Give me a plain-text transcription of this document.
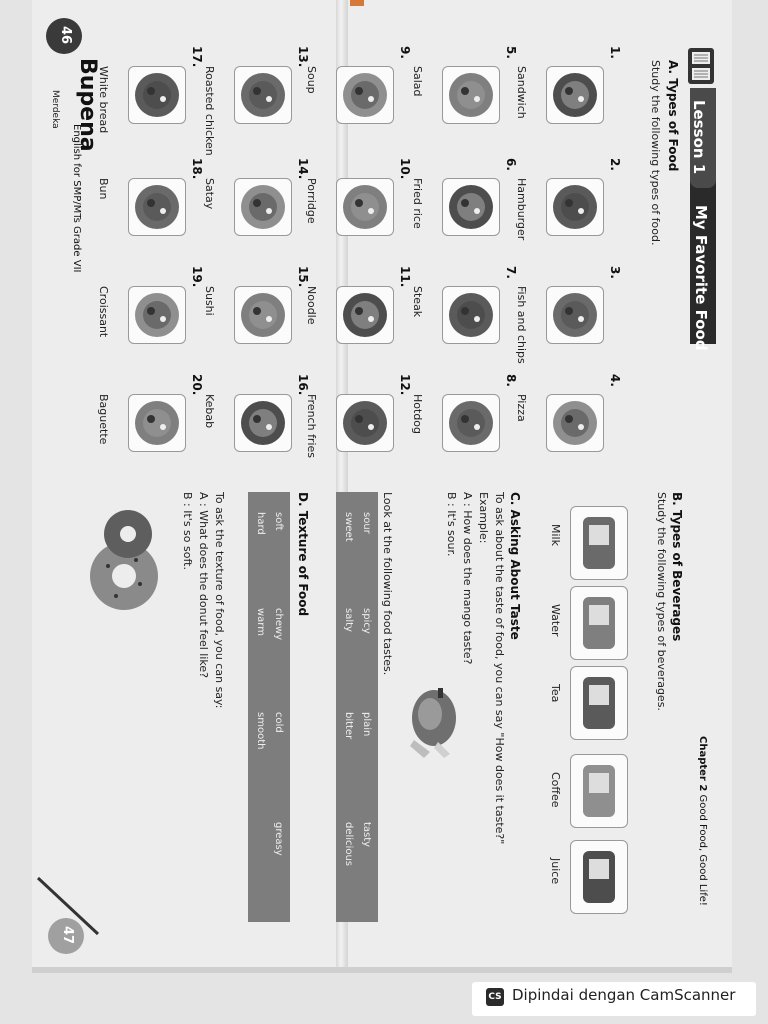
Lesson 1
My Favorite Food
A. Types of Food
Study the following types of food.
1.
Sandwich
2.
Hamburger
3.
Fish and chips
4.
Pizza
5.
Salad
6.
Fried rice
7.
Steak
8.
Hotdog
9.
Soup
10.
Porridge
11.
Noodle
12.
French fries
13.
Roasted chicken
14.
Satay
15.
Sushi
16.
Kebab
17.
White bread
18.
Bun
19.
Croissant
20.
Baguette
B. Types of Beverages
Study the following types of beverages.
Milk
Water
Tea
Coffee
Juice
C. Asking About Taste
To ask about the taste of food, you can say "How does it taste?"
Example:
A : How does the mango taste?
B : It's sour.
Look at the following food tastes.
sour
spicy
plain
tasty
sweet
salty
bitter
delicious
D. Texture of Food
soft
chewy
cold
greasy
hard
warm
smooth
To ask the texture of food, you can say:
A : What does the donut feel like?
B : It's so soft.
46
Bupena
Merdeka
English for SMP/MTs Grade VII
47
Chapter 2 Good Food, Good Life!
CS Dipindai dengan CamScanner
